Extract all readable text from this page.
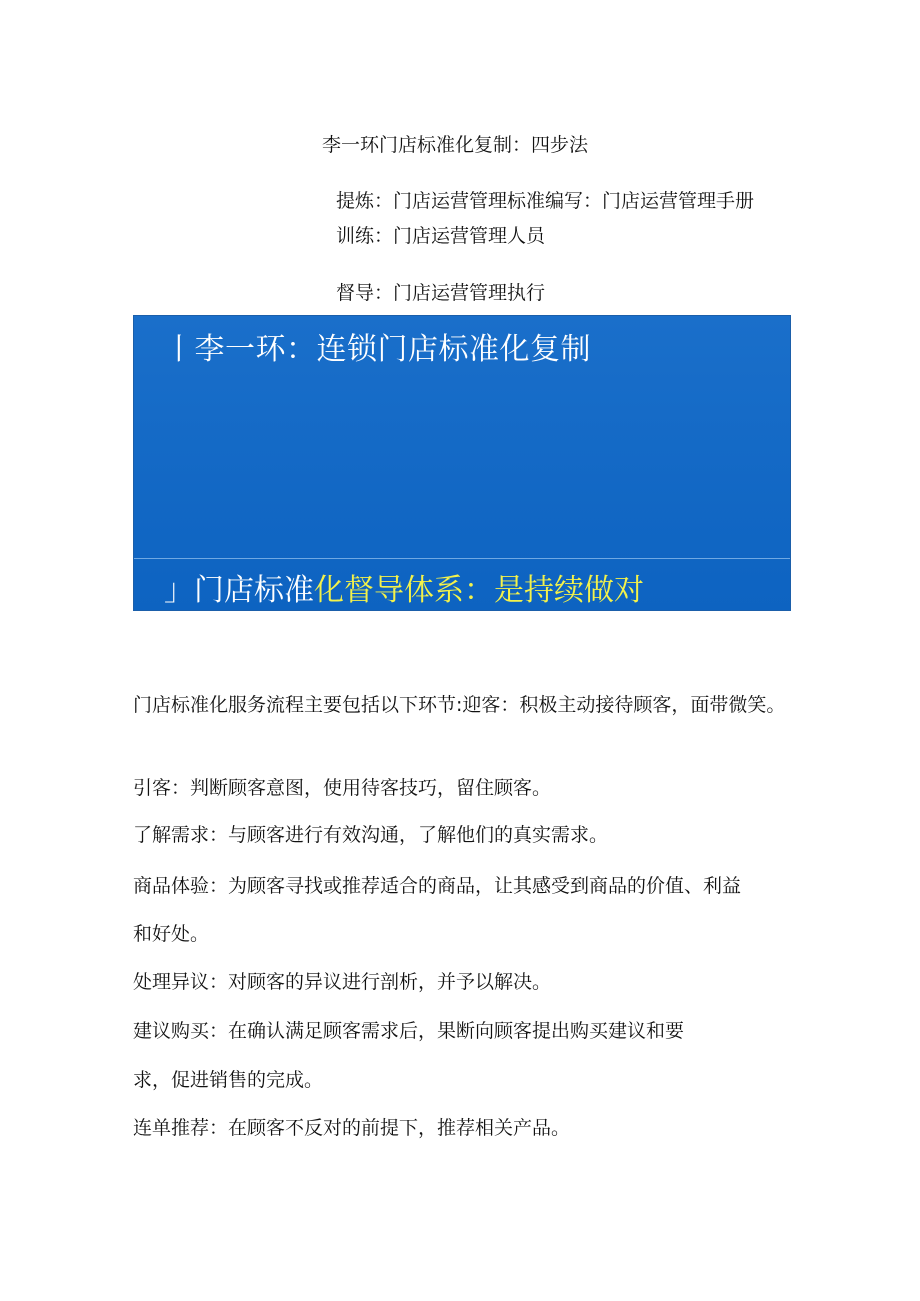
李一环门店标准化复制：四步法
提炼：门店运营管理标准编写：门店运营管理手册
训练：门店运营管理人员
督导：门店运营管理执行
丨李一环：连锁门店标准化复制
」门店标准化督导体系：是持续做对
门店标准化服务流程主要包括以下环节:迎客：积极主动接待顾客，面带微笑。
引客：判断顾客意图，使用待客技巧，留住顾客。
了解需求：与顾客进行有效沟通，了解他们的真实需求。
商品体验：为顾客寻找或推荐适合的商品，让其感受到商品的价值、利益
和好处。
处理异议：对顾客的异议进行剖析，并予以解决。
建议购买：在确认满足顾客需求后，果断向顾客提出购买建议和要
求，促进销售的完成。
连单推荐：在顾客不反对的前提下，推荐相关产品。
